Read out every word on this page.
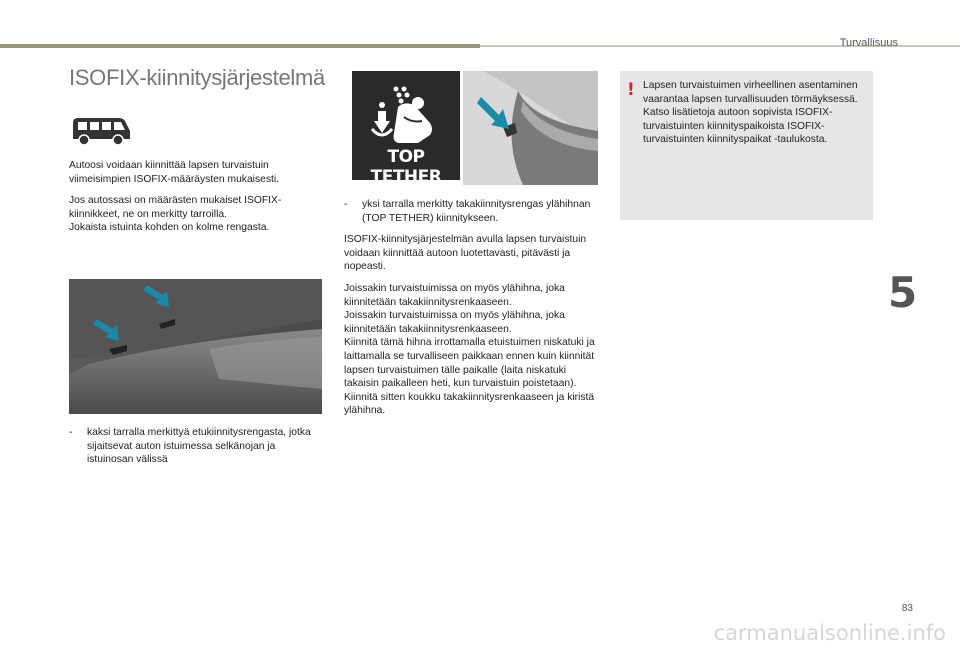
Turvallisuus
5
ISOFIX-kiinnitysjärjestelmä

Autoosi voidaan kiinnittää lapsen turvaistuin viimeisimpien ISOFIX-määräysten mukaisesti.

Jos autossasi on määrästen mukaiset ISOFIX-kiinnikkeet, ne on merkitty tarroilla.
Jokaista istuinta kohden on kolme rengasta.

-	kaksi tarralla merkittyä etukiinnitysrengasta, jotka sijaitsevat auton istuimessa selkänojan ja istuinosan välissä
TOP TETHER
-	yksi tarralla merkitty takakiinnitysrengas ylähihnan (TOP TETHER) kiinnitykseen.

ISOFIX-kiinnitysjärjestelmän avulla lapsen turvaistuin voidaan kiinnittää autoon luotettavasti, pitävästi ja nopeasti.

Joissakin turvaistuimissa on myös ylähihna, joka kiinnitetään takakiinnitysrenkaaseen.
Joissakin turvaistuimissa on myös ylähihna, joka kiinnitetään takakiinnitysrenkaaseen.
Kiinnitä tämä hihna irrottamalla etuistuimen niskatuki ja laittamalla se turvalliseen paikkaan ennen kuin kiinnität lapsen turvaistuimen tälle paikalle (laita niskatuki takaisin paikalleen heti, kun turvaistuin poistetaan). Kiinnitä sitten koukku takakiinnitysrenkaaseen ja kiristä ylähihna.

Lapsen turvaistuimen virheellinen asentaminen vaarantaa lapsen turvallisuuden törmäyksessä.
Katso lisätietoja autoon sopivista ISOFIX-turvaistuinten kiinnityspaikoista ISOFIX-turvaistuinten kiinnityspaikat -taulukosta.
!
83
carmanualsonline.info
